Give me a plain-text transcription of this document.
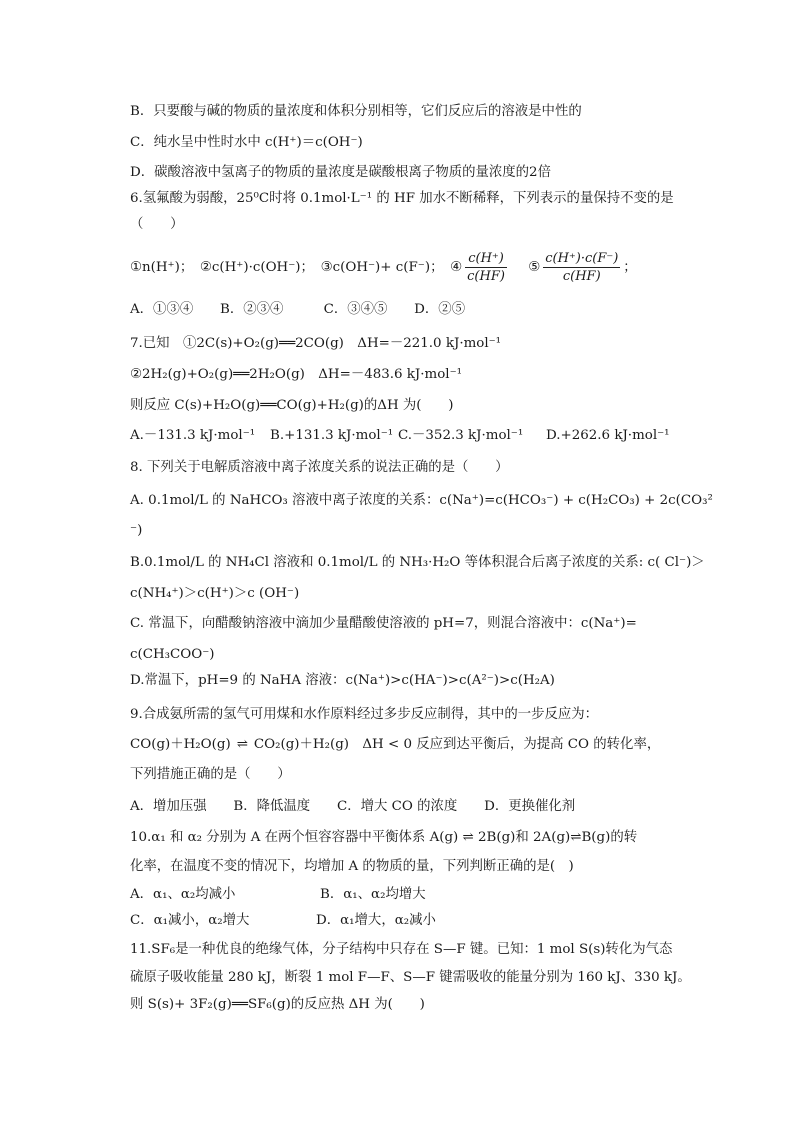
B．只要酸与碱的物质的量浓度和体积分别相等，它们反应后的溶液是中性的
C．纯水呈中性时水中 c(H⁺)＝c(OH⁻)
D．碳酸溶液中氢离子的物质的量浓度是碳酸根离子物质的量浓度的2倍
6.氢氟酸为弱酸，25⁰C时将 0.1mol·L⁻¹ 的 HF 加水不断稀释，下列表示的量保持不变的是
（　　）
①n(H⁺)；　②c(H⁺)·c(OH⁻)；　③c(OH⁻)+ c(F⁻)；　④ $\frac{c(H^+)}{c(HF)}$ ⑤ $\frac{c(H^+)\cdot c(F^-)}{c(HF)}$ ；
A．①③④　　B．②③④　　　C．③④⑤　　D．②⑤
7.已知　①2C(s)+O₂(g)══2CO(g)　ΔH=－221.0 kJ·mol⁻¹
②2H₂(g)+O₂(g)══2H₂O(g)　ΔH=－483.6 kJ·mol⁻¹
则反应 C(s)+H₂O(g)══CO(g)+H₂(g)的ΔH 为(　　)
A.－131.3 kJ·mol⁻¹ B.+131.3 kJ·mol⁻¹ C.－352.3 kJ·mol⁻¹ D.+262.6 kJ·mol⁻¹
8. 下列关于电解质溶液中离子浓度关系的说法正确的是（　　）
A. 0.1mol/L 的 NaHCO₃ 溶液中离子浓度的关系：c(Na⁺)=c(HCO₃⁻) + c(H₂CO₃) + 2c(CO₃²
⁻)
B.0.1mol/L 的 NH₄Cl 溶液和 0.1mol/L 的 NH₃·H₂O 等体积混合后离子浓度的关系: c( Cl⁻)＞
c(NH₄⁺)＞c(H⁺)＞c (OH⁻)
C. 常温下，向醋酸钠溶液中滴加少量醋酸使溶液的 pH=7，则混合溶液中：c(Na⁺)=
c(CH₃COO⁻)
D.常温下，pH=9 的 NaHA 溶液：c(Na⁺)>c(HA⁻)>c(A²⁻)>c(H₂A)
9.合成氨所需的氢气可用煤和水作原料经过多步反应制得，其中的一步反应为：
CO(g)＋H₂O(g) ⇌ CO₂(g)＋H₂(g)　ΔH < 0 反应到达平衡后，为提高 CO 的转化率，
下列措施正确的是（　　）
A．增加压强　　B．降低温度　　C．增大 CO 的浓度　　D．更换催化剂
10.α₁ 和 α₂ 分别为 A 在两个恒容容器中平衡体系 A(g) ⇌ 2B(g)和 2A(g)⇌B(g)的转
化率，在温度不变的情况下，均增加 A 的物质的量，下列判断正确的是(　)
A．α₁、α₂均减小	B．α₁、α₂均增大
C．α₁减小，α₂增大	D．α₁增大，α₂减小
11.SF₆是一种优良的绝缘气体，分子结构中只存在 S—F 键。已知：1 mol S(s)转化为气态
硫原子吸收能量 280 kJ，断裂 1 mol F—F、S—F 键需吸收的能量分别为 160 kJ、330 kJ。
则 S(s)+ 3F₂(g)══SF₆(g)的反应热 ΔH 为(　　)
